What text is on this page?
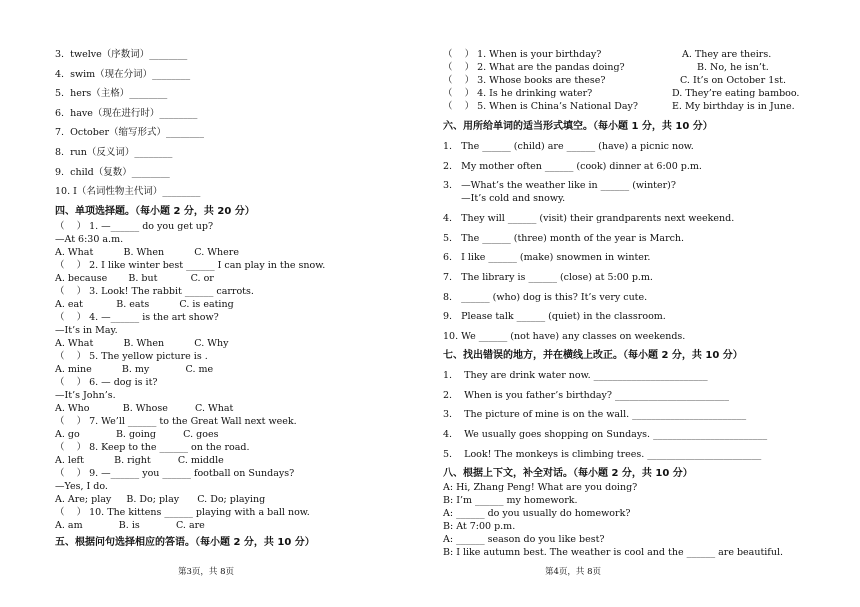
3. twelve（序数词）________
4. swim（现在分词）________
5. hers（主格）________
6. have（现在进行时）________
7. October（缩写形式）________
8. run（反义词）________
9. child（复数）________
10. I（名词性物主代词）________
四、单项选择题。（每小题 2 分，共 20 分）
（    ） 1. —______ do you get up?
—At 6:30 a.m.
A. What          B. When          C. Where
（    ） 2. I like winter best ______ I can play in the snow.
A. because       B. but           C. or
（    ） 3. Look! The rabbit ______ carrots.
A. eat           B. eats          C. is eating
（    ） 4. —______ is the art show?
—It’s in May.
A. What          B. When          C. Why
（    ） 5. The yellow picture is .
A. mine          B. my            C. me
（    ） 6. — dog is it?
—It’s John’s.
A. Who           B. Whose         C. What
（    ） 7. We’ll ______ to the Great Wall next week.
A. go            B. going         C. goes
（    ） 8. Keep to the ______ on the road.
A. left          B. right         C. middle
（    ） 9. —______ you ______ football on Sundays?
—Yes, I do.
A. Are; play     B. Do; play      C. Do; playing
（    ） 10. The kittens ______ playing with a ball now.
A. am            B. is            C. are
五、根据问句选择相应的答语。（每小题 2 分，共 10 分）
第3页，共 8页
（    ） 1. When is your birthday?	A. They are theirs.
（    ） 2. What are the pandas doing?	B. No, he isn’t.
（    ） 3. Whose books are these?	C. It’s on October 1st.
（    ） 4. Is he drinking water?	D. They’re eating bamboo.
（    ） 5. When is China’s National Day?	E. My birthday is in June.
六、用所给单词的适当形式填空。（每小题 1 分，共 10 分）
1.   The ______ (child) are ______ (have) a picnic now.
2.   My mother often ______ (cook) dinner at 6:00 p.m.
3.   —What’s the weather like in ______ (winter)?
—It’s cold and snowy.
4.   They will ______ (visit) their grandparents next weekend.
5.   The ______ (three) month of the year is March.
6.   I like ______ (make) snowmen in winter.
7.   The library is ______ (close) at 5:00 p.m.
8.   ______ (who) dog is this? It’s very cute.
9.   Please talk ______ (quiet) in the classroom.
10. We ______ (not have) any classes on weekends.
七、找出错误的地方，并在横线上改正。（每小题 2 分，共 10 分）
1.    They are drink water now. ________________________
2.    When is you father’s birthday? ________________________
3.    The picture of mine is on the wall. ________________________
4.    We usually goes shopping on Sundays. ________________________
5.    Look! The monkeys is climbing trees. ________________________
八、根据上下文，补全对话。（每小题 2 分，共 10 分）
A: Hi, Zhang Peng! What are you doing?
B: I’m ______ my homework.
A: ______ do you usually do homework?
B: At 7:00 p.m.
A: ______ season do you like best?
B: I like autumn best. The weather is cool and the ______ are beautiful.
第4页，共 8页
